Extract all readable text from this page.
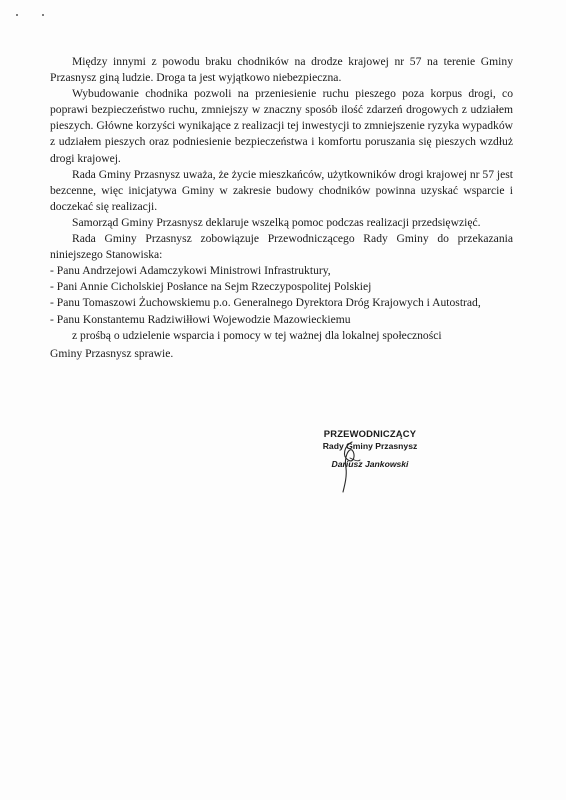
Między innymi z powodu braku chodników na drodze krajowej nr 57 na terenie Gminy Przasnysz giną ludzie. Droga ta jest wyjątkowo niebezpieczna.

Wybudowanie chodnika pozwoli na przeniesienie ruchu pieszego poza korpus drogi, co poprawi bezpieczeństwo ruchu, zmniejszy w znaczny sposób ilość zdarzeń drogowych z udziałem pieszych. Główne korzyści wynikające z realizacji tej inwestycji to zmniejszenie ryzyka wypadków z udziałem pieszych oraz podniesienie bezpieczeństwa i komfortu poruszania się pieszych wzdłuż drogi krajowej.

Rada Gminy Przasnysz uważa, że życie mieszkańców, użytkowników drogi krajowej nr 57 jest bezcenne, więc inicjatywa Gminy w zakresie budowy chodników powinna uzyskać wsparcie i doczekać się realizacji.

Samorząd Gminy Przasnysz deklaruje wszelką pomoc podczas realizacji przedsięwzięć.

Rada Gminy Przasnysz zobowiązuje Przewodniczącego Rady Gminy do przekazania niniejszego Stanowiska:

- Panu Andrzejowi Adamczykowi Ministrowi Infrastruktury,
- Pani Annie Cicholskiej Posłance na Sejm Rzeczypospolitej Polskiej
- Panu Tomaszowi Żuchowskiemu p.o. Generalnego Dyrektora Dróg Krajowych i Autostrad,
- Panu Konstantemu Radziwiłłowi Wojewodzie Mazowieckiemu

z prośbą o udzielenie wsparcia i pomocy w tej ważnej dla lokalnej społeczności

Gminy Przasnysz sprawie.

PRZEWODNICZĄCY
Rady Gminy Przasnysz
Dariusz Jankowski
